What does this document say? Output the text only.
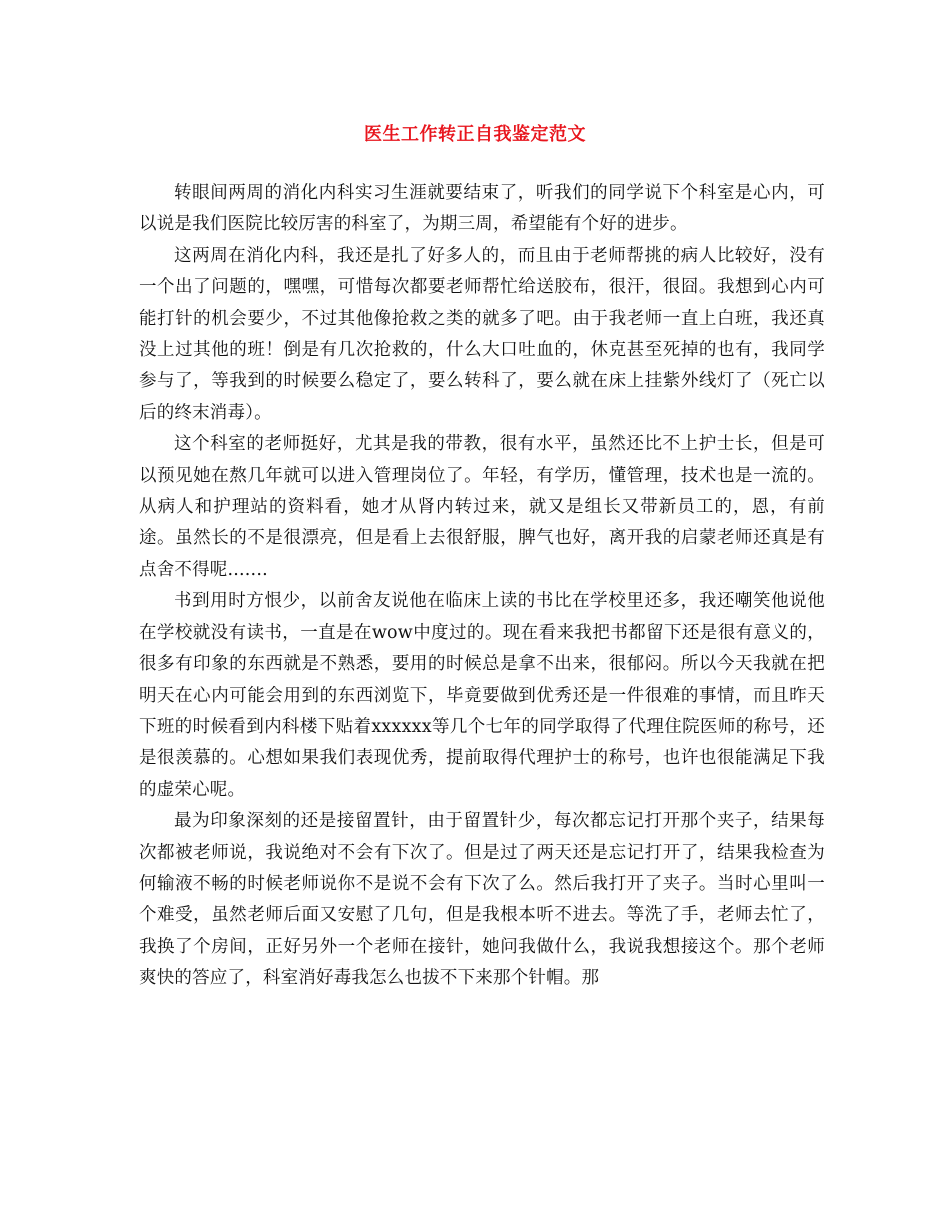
医生工作转正自我鉴定范文

转眼间两周的消化内科实习生涯就要结束了，听我们的同学说下个科室是心内，可以说是我们医院比较厉害的科室了，为期三周，希望能有个好的进步。

这两周在消化内科，我还是扎了好多人的，而且由于老师帮挑的病人比较好，没有一个出了问题的，嘿嘿，可惜每次都要老师帮忙给送胶布，很汗，很囧。我想到心内可能打针的机会要少，不过其他像抢救之类的就多了吧。由于我老师一直上白班，我还真没上过其他的班！倒是有几次抢救的，什么大口吐血的，休克甚至死掉的也有，我同学参与了，等我到的时候要么稳定了，要么转科了，要么就在床上挂紫外线灯了（死亡以后的终末消毒）。

这个科室的老师挺好，尤其是我的带教，很有水平，虽然还比不上护士长，但是可以预见她在熬几年就可以进入管理岗位了。年轻，有学历，懂管理，技术也是一流的。从病人和护理站的资料看，她才从肾内转过来，就又是组长又带新员工的，恩，有前途。虽然长的不是很漂亮，但是看上去很舒服，脾气也好，离开我的启蒙老师还真是有点舍不得呢.......

书到用时方恨少，以前舍友说他在临床上读的书比在学校里还多，我还嘲笑他说他在学校就没有读书，一直是在wow中度过的。现在看来我把书都留下还是很有意义的，很多有印象的东西就是不熟悉，要用的时候总是拿不出来，很郁闷。所以今天我就在把明天在心内可能会用到的东西浏览下，毕竟要做到优秀还是一件很难的事情，而且昨天下班的时候看到内科楼下贴着xxxxxx等几个七年的同学取得了代理住院医师的称号，还是很羡慕的。心想如果我们表现优秀，提前取得代理护士的称号，也许也很能满足下我的虚荣心呢。

最为印象深刻的还是接留置针，由于留置针少，每次都忘记打开那个夹子，结果每次都被老师说，我说绝对不会有下次了。但是过了两天还是忘记打开了，结果我检查为何输液不畅的时候老师说你不是说不会有下次了么。然后我打开了夹子。当时心里叫一个难受，虽然老师后面又安慰了几句，但是我根本听不进去。等洗了手，老师去忙了，我换了个房间，正好另外一个老师在接针，她问我做什么，我说我想接这个。那个老师爽快的答应了，科室消好毒我怎么也拔不下来那个针帽。那
